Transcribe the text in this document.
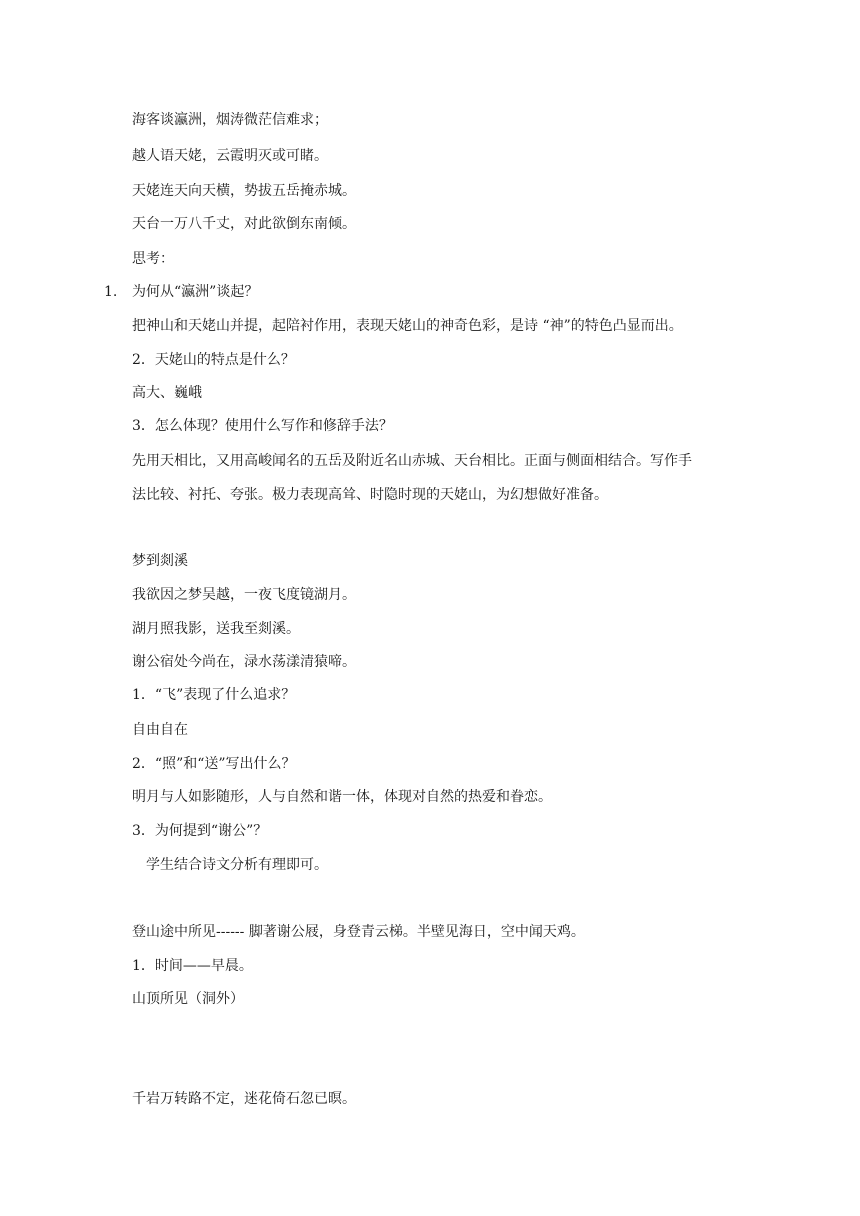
海客谈瀛洲，烟涛微茫信难求；
越人语天姥，云霞明灭或可睹。
天姥连天向天横，势拔五岳掩赤城。
天台一万八千丈，对此欲倒东南倾。
思考：
1. 为何从“瀛洲”谈起？
把神山和天姥山并提，起陪衬作用，表现天姥山的神奇色彩，是诗 “神”的特色凸显而出。
2．天姥山的特点是什么？
高大、巍峨
3．怎么体现？使用什么写作和修辞手法？
先用天相比，又用高峻闻名的五岳及附近名山赤城、天台相比。正面与侧面相结合。写作手
法比较、衬托、夸张。极力表现高耸、时隐时现的天姥山，为幻想做好准备。
梦到剡溪
我欲因之梦吴越，一夜飞度镜湖月。
湖月照我影，送我至剡溪。
谢公宿处今尚在，渌水荡漾清猿啼。
1．“飞”表现了什么追求？
自由自在
2．“照”和“送”写出什么？
明月与人如影随形，人与自然和谐一体，体现对自然的热爱和眷恋。
3．为何提到“谢公”？
学生结合诗文分析有理即可。
登山途中所见------ 脚著谢公屐，身登青云梯。半壁见海日，空中闻天鸡。
1．时间——早晨。
山顶所见（洞外）
千岩万转路不定，迷花倚石忽已暝。
